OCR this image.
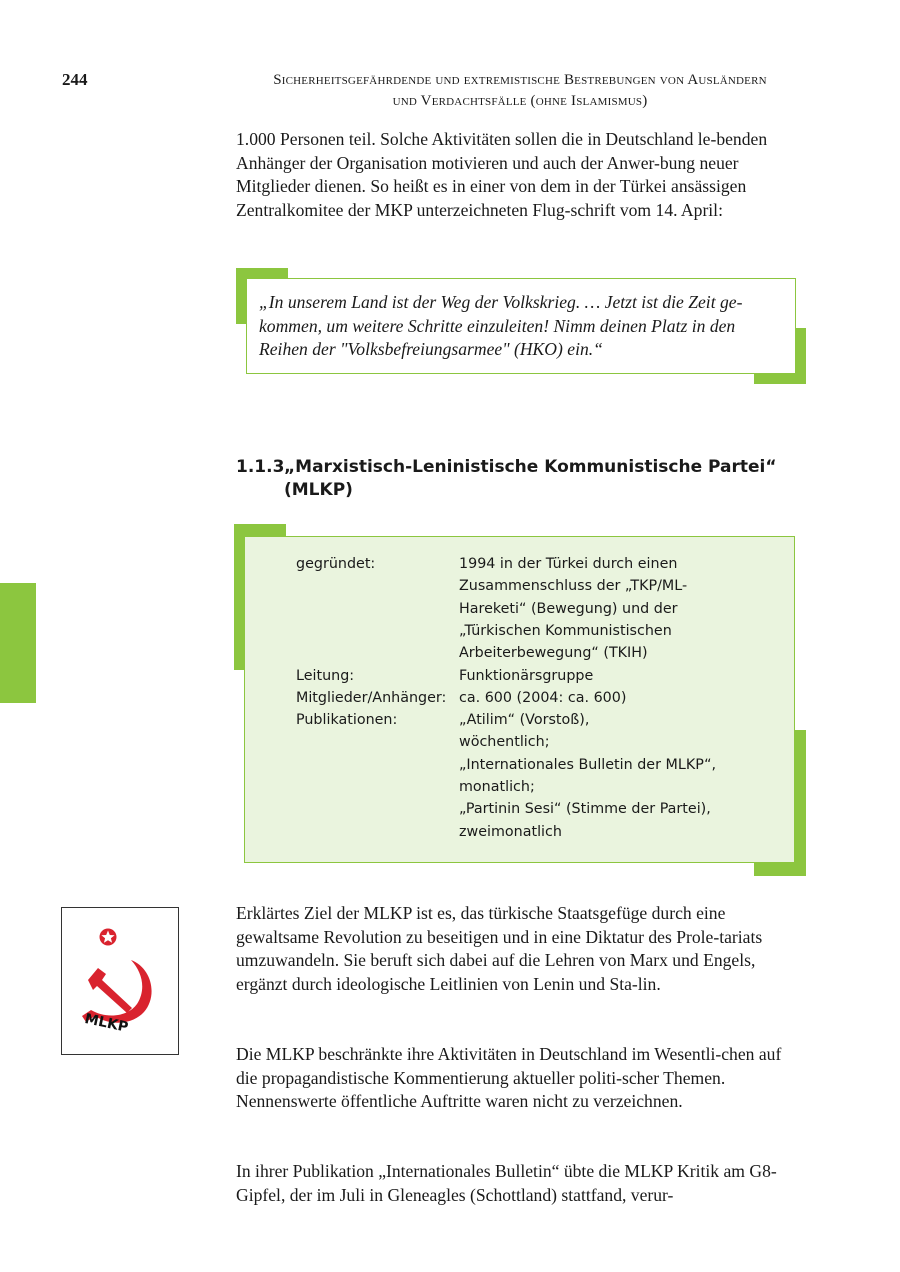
244	Sicherheitsgefährdende und extremistische Bestrebungen von Ausländern
und Verdachtsfälle (ohne Islamismus)

1.000 Personen teil. Solche Aktivitäten sollen die in Deutschland le-benden Anhänger der Organisation motivieren und auch der Anwer-bung neuer Mitglieder dienen. So heißt es in einer von dem in der Türkei ansässigen Zentralkomitee der MKP unterzeichneten Flug-schrift vom 14. April:

„In unserem Land ist der Weg der Volkskrieg. … Jetzt ist die Zeit ge-kommen, um weitere Schritte einzuleiten! Nimm deinen Platz in den Reihen der "Volksbefreiungsarmee" (HKO) ein.“
1.1.3 „Marxistisch-Leninistische Kommunistische Partei“
(MLKP)
gegründet:	1994 in der Türkei durch einen
Zusammenschluss der „TKP/ML-
Hareketi“ (Bewegung) und der
„Türkischen Kommunistischen
Arbeiterbewegung“ (TKIH)
Leitung:	Funktionärsgruppe
Mitglieder/Anhänger: ca. 600 (2004: ca. 600)
Publikationen:	„Atilim“ (Vorstoß),
wöchentlich;
„Internationales Bulletin der MLKP“,
monatlich;
„Partinin Sesi“ (Stimme der Partei),
zweimonatlich
MLKP

Erklärtes Ziel der MLKP ist es, das türkische Staatsgefüge durch eine gewaltsame Revolution zu beseitigen und in eine Diktatur des Prole-tariats umzuwandeln. Sie beruft sich dabei auf die Lehren von Marx und Engels, ergänzt durch ideologische Leitlinien von Lenin und Sta-lin.

Die MLKP beschränkte ihre Aktivitäten in Deutschland im Wesentli-chen auf die propagandistische Kommentierung aktueller politi-scher Themen. Nennenswerte öffentliche Auftritte waren nicht zu verzeichnen.

In ihrer Publikation „Internationales Bulletin“ übte die MLKP Kritik am G8-Gipfel, der im Juli in Gleneagles (Schottland) stattfand, verur-
